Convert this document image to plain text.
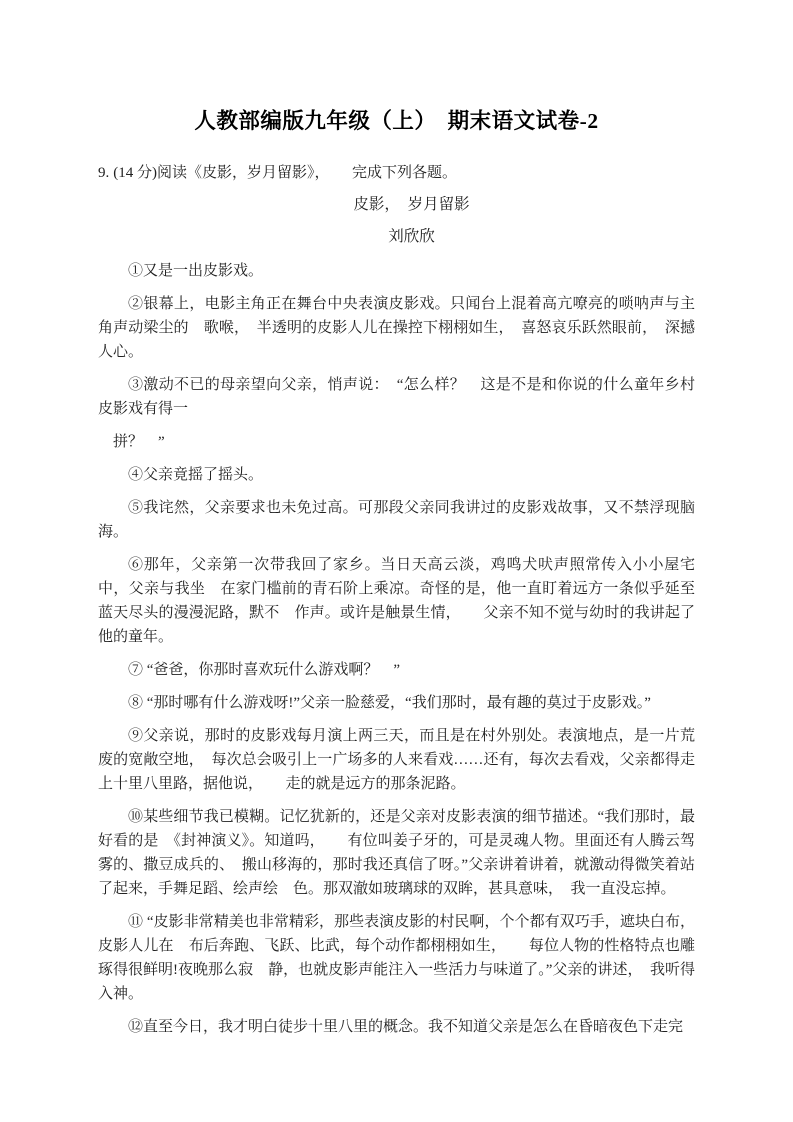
人教部编版九年级（上）　期末语文试卷-2
9. (14 分)阅读《皮影，岁月留影》，　　完成下列各题。
皮影，　岁月留影
刘欣欣

①又是一出皮影戏。

②银幕上，电影主角正在舞台中央表演皮影戏。只闻台上混着高亢嘹亮的唢呐声与主角声动梁尘的　歌喉，　半透明的皮影人儿在操控下栩栩如生，　喜怒哀乐跃然眼前，　深撼人心。

③激动不已的母亲望向父亲，悄声说：　“怎么样？　这是不是和你说的什么童年乡村皮影戏有得一

拼？　”

④父亲竟摇了摇头。

⑤我诧然，父亲要求也未免过高。可那段父亲同我讲过的皮影戏故事，又不禁浮现脑海。

⑥那年，父亲第一次带我回了家乡。当日天高云淡，鸡鸣犬吠声照常传入小小屋宅中，父亲与我坐　在家门槛前的青石阶上乘凉。奇怪的是，他一直盯着远方一条似乎延至蓝天尽头的漫漫泥路，默不　作声。或许是触景生情，　　父亲不知不觉与幼时的我讲起了他的童年。

⑦ “爸爸，你那时喜欢玩什么游戏啊？　”

⑧ “那时哪有什么游戏呀!”父亲一脸慈爱，“我们那时，最有趣的莫过于皮影戏。”

⑨父亲说，那时的皮影戏每月演上两三天，而且是在村外别处。表演地点，是一片荒废的宽敞空地，　每次总会吸引上一广场多的人来看戏……还有，每次去看戏，父亲都得走上十里八里路，据他说，　　走的就是远方的那条泥路。

⑩某些细节我已模糊。记忆犹新的，还是父亲对皮影表演的细节描述。“我们那时，最好看的是　《封神演义》。知道吗，　　有位叫姜子牙的，可是灵魂人物。里面还有人腾云驾雾的、撒豆成兵的、　搬山移海的，那时我还真信了呀。”父亲讲着讲着，就激动得微笑着站了起来，手舞足蹈、绘声绘　色。那双澈如玻璃球的双眸，甚具意味，　我一直没忘掉。

⑪ “皮影非常精美也非常精彩，那些表演皮影的村民啊，个个都有双巧手，遮块白布，皮影人儿在　布后奔跑、飞跃、比武，每个动作都栩栩如生，　　每位人物的性格特点也雕琢得很鲜明!夜晚那么寂　静，也就皮影声能注入一些活力与味道了。”父亲的讲述，　我听得入神。

⑫直至今日，我才明白徒步十里八里的概念。我不知道父亲是怎么在昏暗夜色下走完
